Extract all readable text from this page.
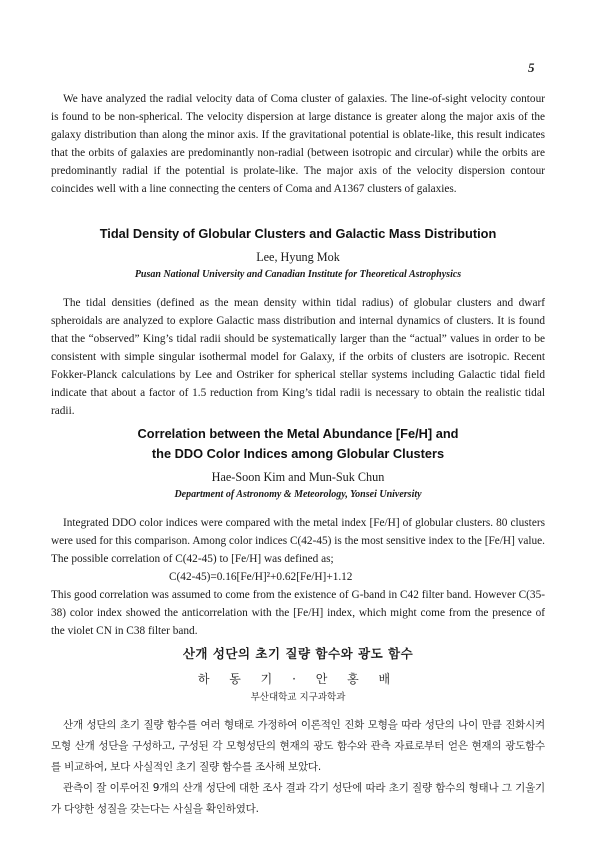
5

We have analyzed the radial velocity data of Coma cluster of galaxies. The line-of-sight velocity contour is found to be non-spherical. The velocity dispersion at large distance is greater along the major axis of the galaxy distribution than along the minor axis. If the gravitational potential is oblate-like, this result indicates that the orbits of galaxies are predominantly non-radial (between isotropic and circular) while the orbits are predominantly radial if the potential is prolate-like. The major axis of the velocity dispersion contour coincides well with a line connecting the centers of Coma and A1367 clusters of galaxies.

Tidal Density of Globular Clusters and Galactic Mass Distribution

Lee, Hyung Mok

Pusan National University and Canadian Institute for Theoretical Astrophysics

The tidal densities (defined as the mean density within tidal radius) of globular clusters and dwarf spheroidals are analyzed to explore Galactic mass distribution and internal dynamics of clusters. It is found that the “observed” King’s tidal radii should be systematically larger than the “actual” values in order to be consistent with simple singular isothermal model for Galaxy, if the orbits of clusters are isotropic. Recent Fokker-Planck calculations by Lee and Ostriker for spherical stellar systems including Galactic tidal field indicate that about a factor of 1.5 reduction from King’s tidal radii is necessary to obtain the realistic tidal radii.

Correlation between the Metal Abundance [Fe/H] and

the DDO Color Indices among Globular Clusters

Hae-Soon Kim and Mun-Suk Chun

Department of Astronomy & Meteorology, Yonsei University

Integrated DDO color indices were compared with the metal index [Fe/H] of globular clusters. 80 clusters were used for this comparison. Among color indices C(42-45) is the most sensitive index to the [Fe/H] value. The possible correlation of C(42-45) to [Fe/H] was defined as;

C(42-45)=0.16[Fe/H]²+0.62[Fe/H]+1.12

This good correlation was assumed to come from the existence of G-band in C42 filter band. However C(35-38) color index showed the anticorrelation with the [Fe/H] index, which might come from the presence of the violet CN in C38 filter band.

산개 성단의 초기 질량 함수와 광도 함수

하 동 기 · 안 홍 배

부산대학교 지구과학과

산개 성단의 초기 질량 함수를 여러 형태로 가정하여 이론적인 진화 모형을 따라 성단의 나이 만큼 진화시켜 모형 산개 성단을 구성하고, 구성된 각 모형성단의 현재의 광도 함수와 관측 자료로부터 얻은 현재의 광도함수를 비교하여, 보다 사실적인 초기 질량 함수를 조사해 보았다.

관측이 잘 이루어진 9개의 산개 성단에 대한 조사 결과 각기 성단에 따라 초기 질량 함수의 형태나 그 기울기가 다양한 성질을 갖는다는 사실을 확인하였다.
